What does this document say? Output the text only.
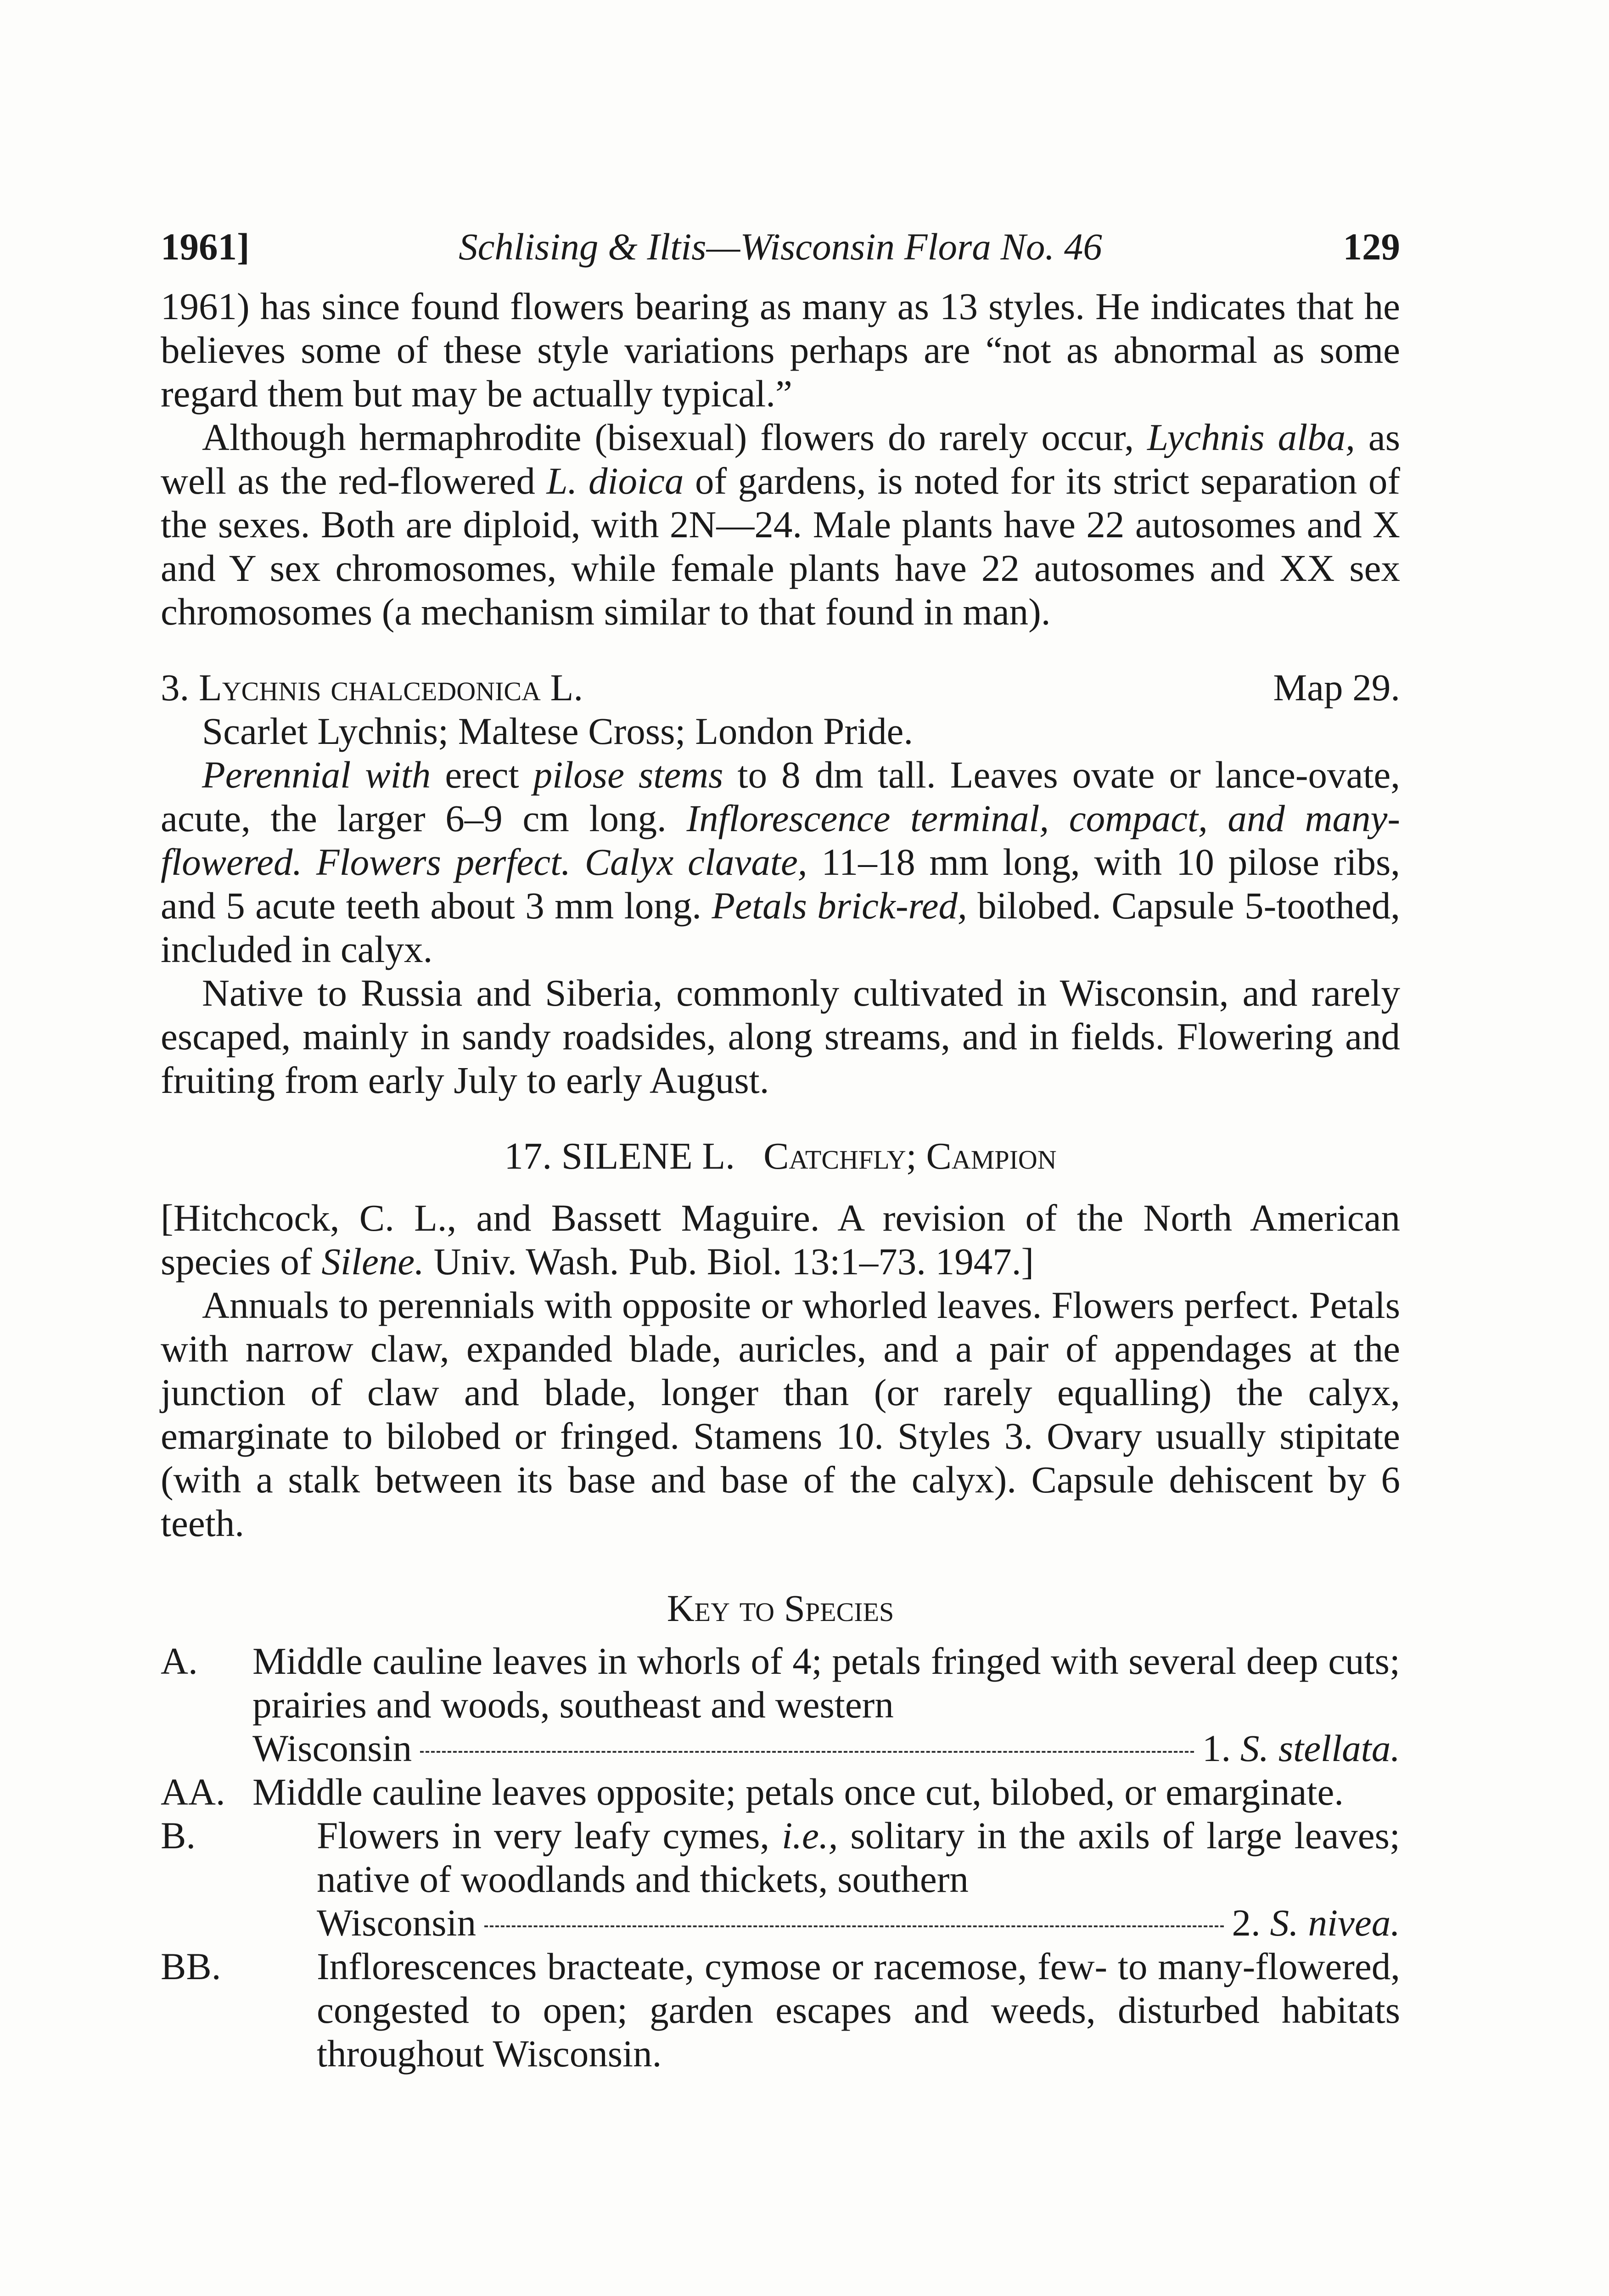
1961]	Schlising & Iltis—Wisconsin Flora No. 46	129

1961) has since found flowers bearing as many as 13 styles. He indicates that he believes some of these style variations perhaps are “not as abnormal as some regard them but may be actually typical.”

Although hermaphrodite (bisexual) flowers do rarely occur, Lychnis alba, as well as the red-flowered L. dioica of gardens, is noted for its strict separation of the sexes. Both are diploid, with 2N—24. Male plants have 22 autosomes and X and Y sex chromosomes, while female plants have 22 autosomes and XX sex chromosomes (a mechanism similar to that found in man).

3. Lychnis chalcedonica L.	Map 29.
Scarlet Lychnis; Maltese Cross; London Pride.

Perennial with erect pilose stems to 8 dm tall. Leaves ovate or lance-ovate, acute, the larger 6–9 cm long. Inflorescence terminal, compact, and many-flowered. Flowers perfect. Calyx clavate, 11–18 mm long, with 10 pilose ribs, and 5 acute teeth about 3 mm long. Petals brick-red, bilobed. Capsule 5-toothed, included in calyx.

Native to Russia and Siberia, commonly cultivated in Wisconsin, and rarely escaped, mainly in sandy roadsides, along streams, and in fields. Flowering and fruiting from early July to early August.

17. SILENE L. Catchfly; Campion

[Hitchcock, C. L., and Bassett Maguire. A revision of the North American species of Silene. Univ. Wash. Pub. Biol. 13:1–73. 1947.]

Annuals to perennials with opposite or whorled leaves. Flowers perfect. Petals with narrow claw, expanded blade, auricles, and a pair of appendages at the junction of claw and blade, longer than (or rarely equalling) the calyx, emarginate to bilobed or fringed. Stamens 10. Styles 3. Ovary usually stipitate (with a stalk between its base and base of the calyx). Capsule dehiscent by 6 teeth.

Key to Species
A.	Middle cauline leaves in whorls of 4; petals fringed with several deep cuts; prairies and woods, southeast and western
Wisconsin	1. S. stellata.
AA. Middle cauline leaves opposite; petals once cut, bilobed, or emarginate.
B.	Flowers in very leafy cymes, i.e., solitary in the axils of large leaves; native of woodlands and thickets, southern
Wisconsin	2. S. nivea.
BB.	Inflorescences bracteate, cymose or racemose, few- to many-flowered, congested to open; garden escapes and weeds, disturbed habitats throughout Wisconsin.
